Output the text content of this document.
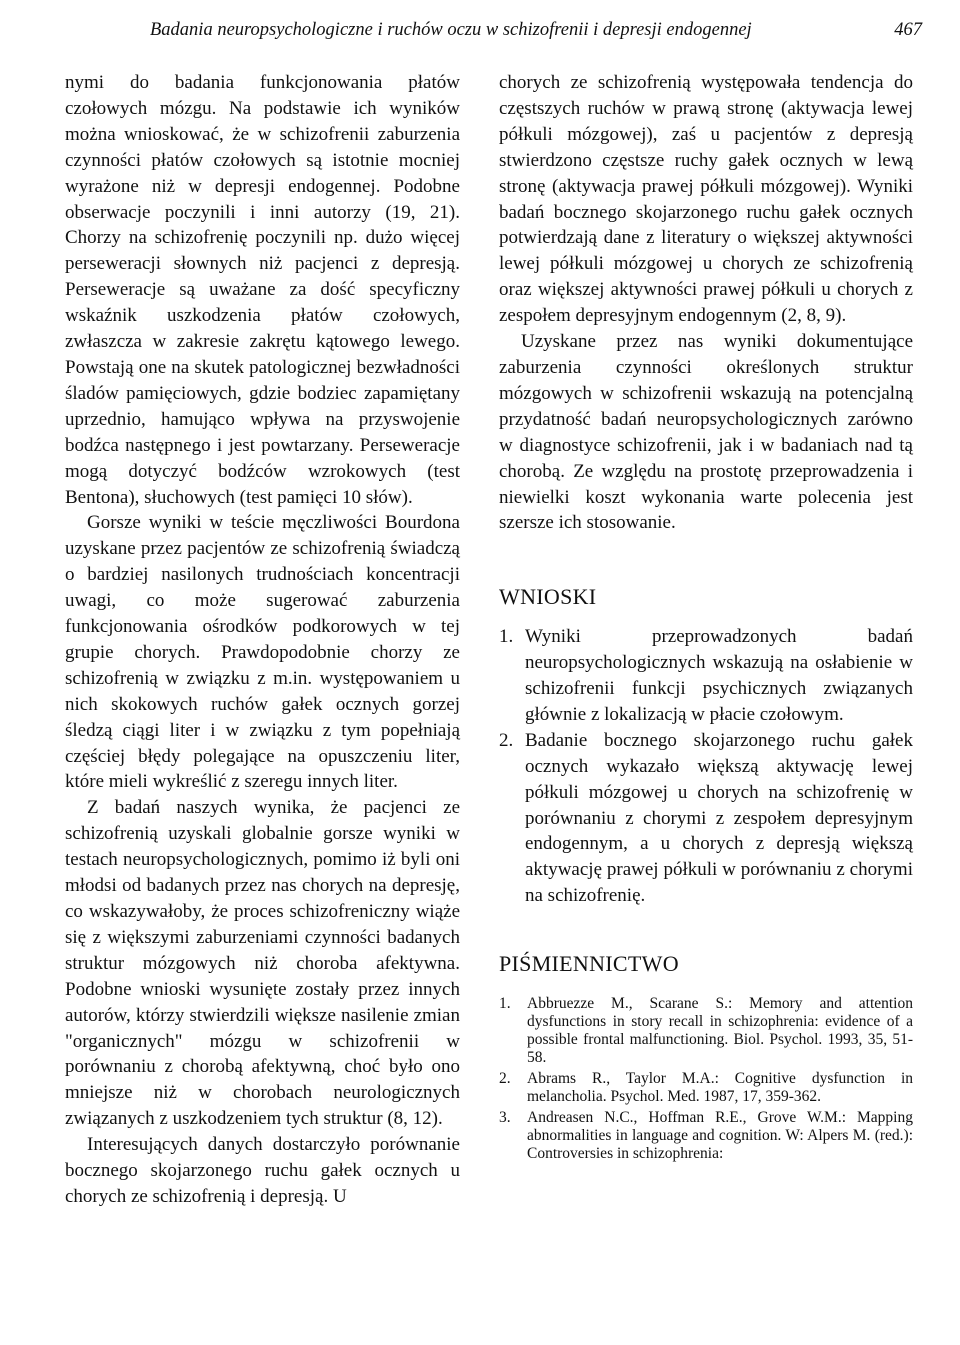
Badania neuropsychologiczne i ruchów oczu w schizofrenii i depresji endogennej	467

nymi do badania funkcjonowania płatów czołowych mózgu. Na podstawie ich wyników można wnioskować, że w schizofrenii zaburzenia czynności płatów czołowych są istotnie mocniej wyrażone niż w depresji endogennej. Podobne obserwacje poczynili i inni autorzy (19, 21). Chorzy na schizofrenię poczynili np. dużo więcej perseweracji słownych niż pacjenci z depresją. Perseweracje są uważane za dość specyficzny wskaźnik uszkodzenia płatów czołowych, zwłaszcza w zakresie zakrętu kątowego lewego. Powstają one na skutek patologicznej bezwładności śladów pamięciowych, gdzie bodziec zapamiętany uprzednio, hamująco wpływa na przyswojenie bodźca następnego i jest powtarzany. Perseweracje mogą dotyczyć bodźców wzrokowych (test Bentona), słuchowych (test pamięci 10 słów).

Gorsze wyniki w teście męczliwości Bourdona uzyskane przez pacjentów ze schizofrenią świadczą o bardziej nasilonych trudnościach koncentracji uwagi, co może sugerować zaburzenia funkcjonowania ośrodków podkorowych w tej grupie chorych. Prawdopodobnie chorzy ze schizofrenią w związku z m.in. występowaniem u nich skokowych ruchów gałek ocznych gorzej śledzą ciągi liter i w związku z tym popełniają częściej błędy polegające na opuszczeniu liter, które mieli wykreślić z szeregu innych liter.

Z badań naszych wynika, że pacjenci ze schizofrenią uzyskali globalnie gorsze wyniki w testach neuropsychologicznych, pomimo iż byli oni młodsi od badanych przez nas chorych na depresję, co wskazywałoby, że proces schizofreniczny wiąże się z większymi zaburzeniami czynności badanych struktur mózgowych niż choroba afektywna. Podobne wnioski wysunięte zostały przez innych autorów, którzy stwierdzili większe nasilenie zmian "organicznych" mózgu w schizofrenii w porównaniu z chorobą afektywną, choć było ono mniejsze niż w chorobach neurologicznych związanych z uszkodzeniem tych struktur (8, 12).

Interesujących danych dostarczyło porównanie bocznego skojarzonego ruchu gałek ocznych u chorych ze schizofrenią i depresją. U

chorych ze schizofrenią występowała tendencja do częstszych ruchów w prawą stronę (aktywacja lewej półkuli mózgowej), zaś u pacjentów z depresją stwierdzono częstsze ruchy gałek ocznych w lewą stronę (aktywacja prawej półkuli mózgowej). Wyniki badań bocznego skojarzonego ruchu gałek ocznych potwierdzają dane z literatury o większej aktywności lewej półkuli mózgowej u chorych ze schizofrenią oraz większej aktywności prawej półkuli u chorych z zespołem depresyjnym endogennym (2, 8, 9).

Uzyskane przez nas wyniki dokumentujące zaburzenia czynności określonych struktur mózgowych w schizofrenii wskazują na potencjalną przydatność badań neuropsychologicznych zarówno w diagnostyce schizofrenii, jak i w badaniach nad tą chorobą. Ze względu na prostotę przeprowadzenia i niewielki koszt wykonania warte polecenia jest szersze ich stosowanie.

WNIOSKI
1. Wyniki przeprowadzonych badań neuropsychologicznych wskazują na osłabienie w schizofrenii funkcji psychicznych związanych głównie z lokalizacją w płacie czołowym.
2. Badanie bocznego skojarzonego ruchu gałek ocznych wykazało większą aktywację lewej półkuli mózgowej u chorych na schizofrenię w porównaniu z chorymi z zespołem depresyjnym endogennym, a u chorych z depresją większą aktywację prawej półkuli w porównaniu z chorymi na schizofrenię.
PIŚMIENNICTWO
1. Abbruezze M., Scarane S.: Memory and attention dysfunctions in story recall in schizophrenia: evidence of a possible frontal malfunctioning. Biol. Psychol. 1993, 35, 51-58.
2. Abrams R., Taylor M.A.: Cognitive dysfunction in melancholia. Psychol. Med. 1987, 17, 359-362.
3. Andreasen N.C., Hoffman R.E., Grove W.M.: Mapping abnormalities in language and cognition. W: Alpers M. (red.): Controversies in schizophrenia:
